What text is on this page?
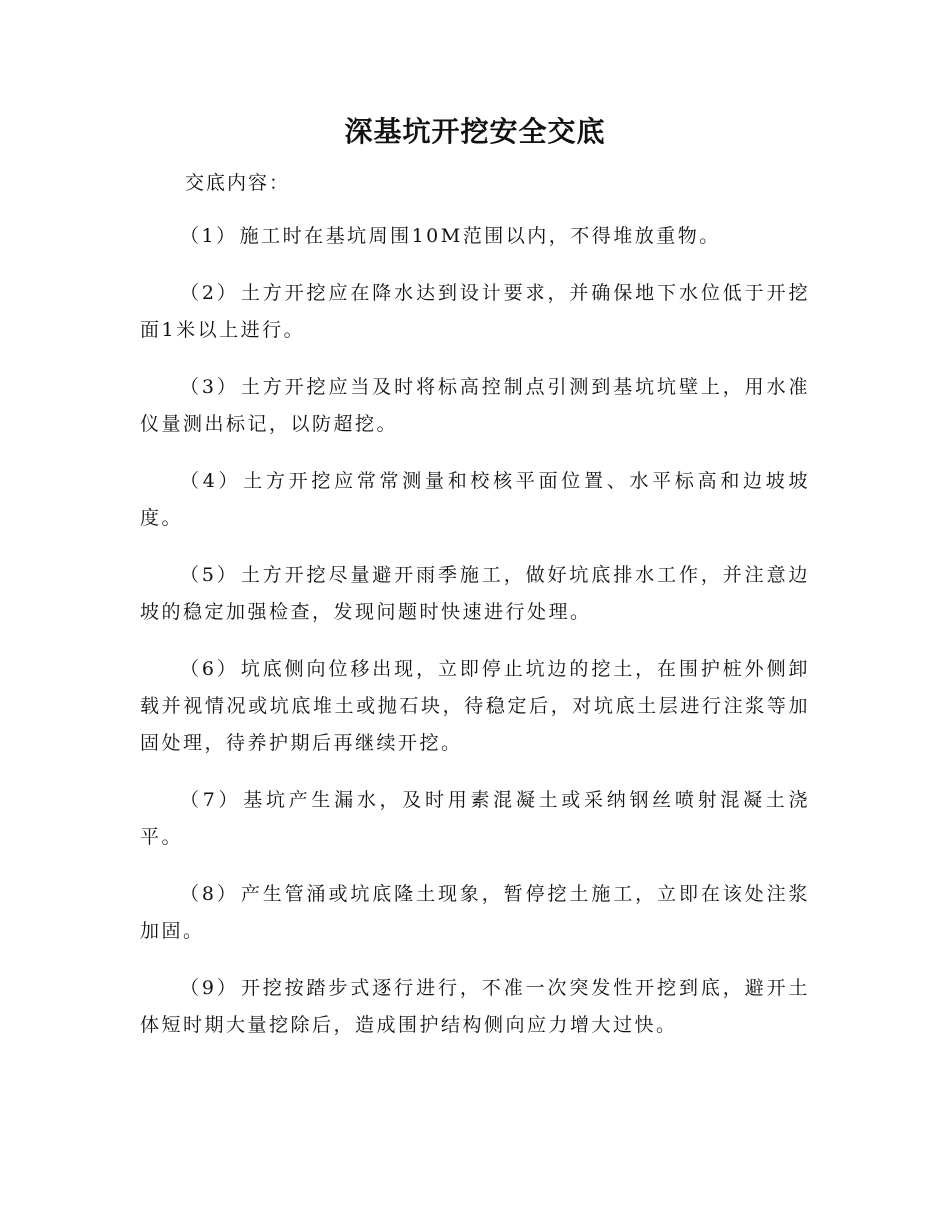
深基坑开挖安全交底

交底内容：

（1） 施工时在基坑周围10M范围以内，不得堆放重物。

（2） 土方开挖应在降水达到设计要求，并确保地下水位低于开挖面1米以上进行。

（3） 土方开挖应当及时将标高控制点引测到基坑坑壁上，用水准仪量测出标记，以防超挖。

（4） 土方开挖应常常测量和校核平面位置、水平标高和边坡坡度。

（5） 土方开挖尽量避开雨季施工，做好坑底排水工作，并注意边坡的稳定加强检查，发现问题时快速进行处理。

（6） 坑底侧向位移出现，立即停止坑边的挖土，在围护桩外侧卸载并视情况或坑底堆土或抛石块，待稳定后，对坑底土层进行注浆等加固处理，待养护期后再继续开挖。

（7） 基坑产生漏水，及时用素混凝土或采纳钢丝喷射混凝土浇平。

（8） 产生管涌或坑底隆土现象，暂停挖土施工，立即在该处注浆加固。

（9） 开挖按踏步式逐行进行，不准一次突发性开挖到底，避开土体短时期大量挖除后，造成围护结构侧向应力增大过快。
